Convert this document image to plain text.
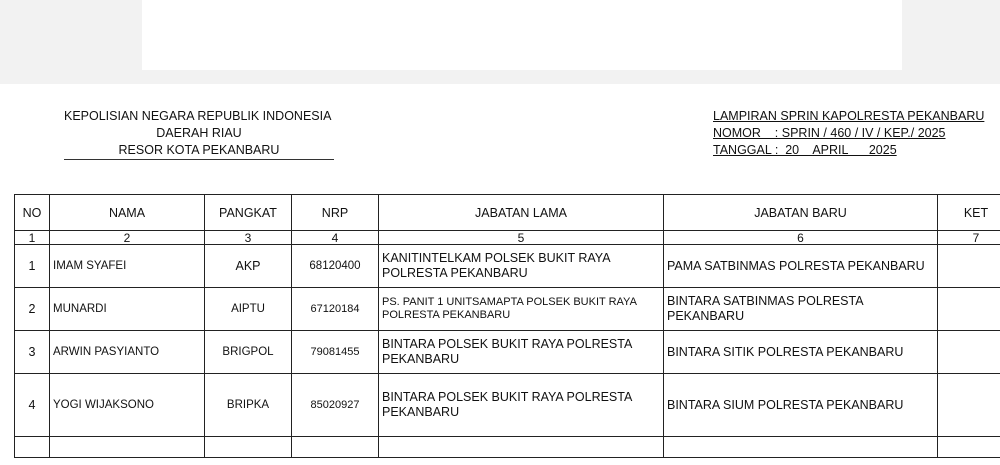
KEPOLISIAN NEGARA REPUBLIK INDONESIA
DAERAH RIAU
RESOR KOTA PEKANBARU
LAMPIRAN SPRIN KAPOLRESTA PEKANBARU
NOMOR    : SPRIN / 460 / IV / KEP./ 2025
TANGGAL :  20    APRIL      2025
NO	NAMA	PANGKAT	NRP	JABATAN LAMA	JABATAN BARU	KET
1	2	3	4	5	6	7
1	IMAM SYAFEI	AKP	68120400	KANITINTELKAM POLSEK BUKIT RAYA POLRESTA PEKANBARU	PAMA SATBINMAS POLRESTA PEKANBARU	
2	MUNARDI	AIPTU	67120184	PS. PANIT 1 UNITSAMAPTA POLSEK BUKIT RAYA POLRESTA PEKANBARU	BINTARA SATBINMAS POLRESTA PEKANBARU	
3	ARWIN PASYIANTO	BRIGPOL	79081455	BINTARA POLSEK BUKIT RAYA POLRESTA PEKANBARU	BINTARA SITIK POLRESTA PEKANBARU	
4	YOGI WIJAKSONO	BRIPKA	85020927	BINTARA POLSEK BUKIT RAYA POLRESTA PEKANBARU	BINTARA SIUM POLRESTA PEKANBARU	
